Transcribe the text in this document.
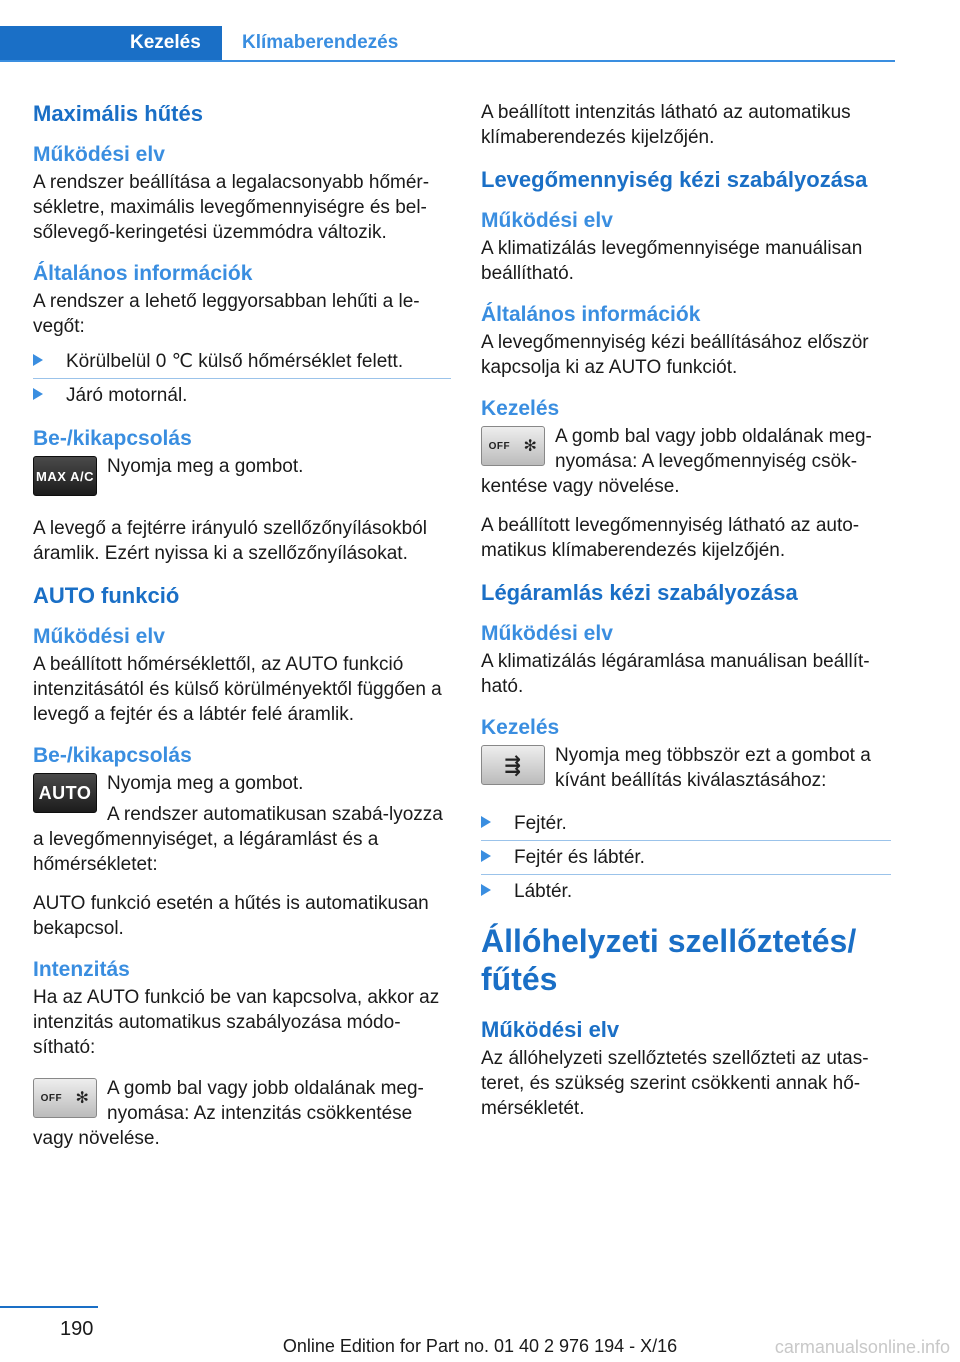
Kezelés	Klímaberendezés
Maximális hűtés
Működési elv

A rendszer beállítása a legalacsonyabb hőmér‐sékletre, maximális levegőmennyiségre és bel‐sőlevegő-keringetési üzemmódra változik.

Általános információk

A rendszer a lehető leggyorsabban lehűti a le‐vegőt:

Körülbelül 0 ℃ külső hőmérséklet felett.
Járó motornál.
Be-/kikapcsolás
MAX A/C Nyomja meg a gombot.

A levegő a fejtérre irányuló szellőzőnyílásokból áramlik. Ezért nyissa ki a szellőzőnyílásokat.

AUTO funkció
Működési elv

A beállított hőmérséklettől, az AUTO funkció intenzitásától és külső körülményektől függően a levegő a fejtér és a lábtér felé áramlik.

Be-/kikapcsolás
AUTO Nyomja meg a gombot.

A rendszer automatikusan szabá‐lyozza a levegőmennyiséget, a légáramlást és a hőmérsékletet:

AUTO funkció esetén a hűtés is automatikusan bekapcsol.

Intenzitás

Ha az AUTO funkció be van kapcsolva, akkor az intenzitás automatikus szabályozása módo‐sítható:

OFF ✻ A gomb bal vagy jobb oldalának meg‐nyomása: Az intenzitás csökkentése vagy növelése.

A beállított intenzitás látható az automatikus klímaberendezés kijelzőjén.

Levegőmennyiség kézi szabályozása
Működési elv

A klimatizálás levegőmennyisége manuálisan beállítható.

Általános információk

A levegőmennyiség kézi beállításához először kapcsolja ki az AUTO funkciót.

Kezelés
OFF ✻ A gomb bal vagy jobb oldalának meg‐nyomása: A levegőmennyiség csök‐kentése vagy növelése.

A beállított levegőmennyiség látható az auto‐matikus klímaberendezés kijelzőjén.

Légáramlás kézi szabályozása
Működési elv

A klimatizálás légáramlása manuálisan beállít‐ható.

Kezelés
⇶	Nyomja meg többször ezt a gombot a kívánt beállítás kiválasztásához:

Fejtér.
Fejtér és lábtér.
Lábtér.
Állóhelyzeti szellőztetés/ fűtés
Működési elv

Az állóhelyzeti szellőztetés szellőzteti az utas‐teret, és szükség szerint csökkenti annak hő‐mérsékletét.

190
Online Edition for Part no. 01 40 2 976 194 - X/16	carmanualsonline.info
